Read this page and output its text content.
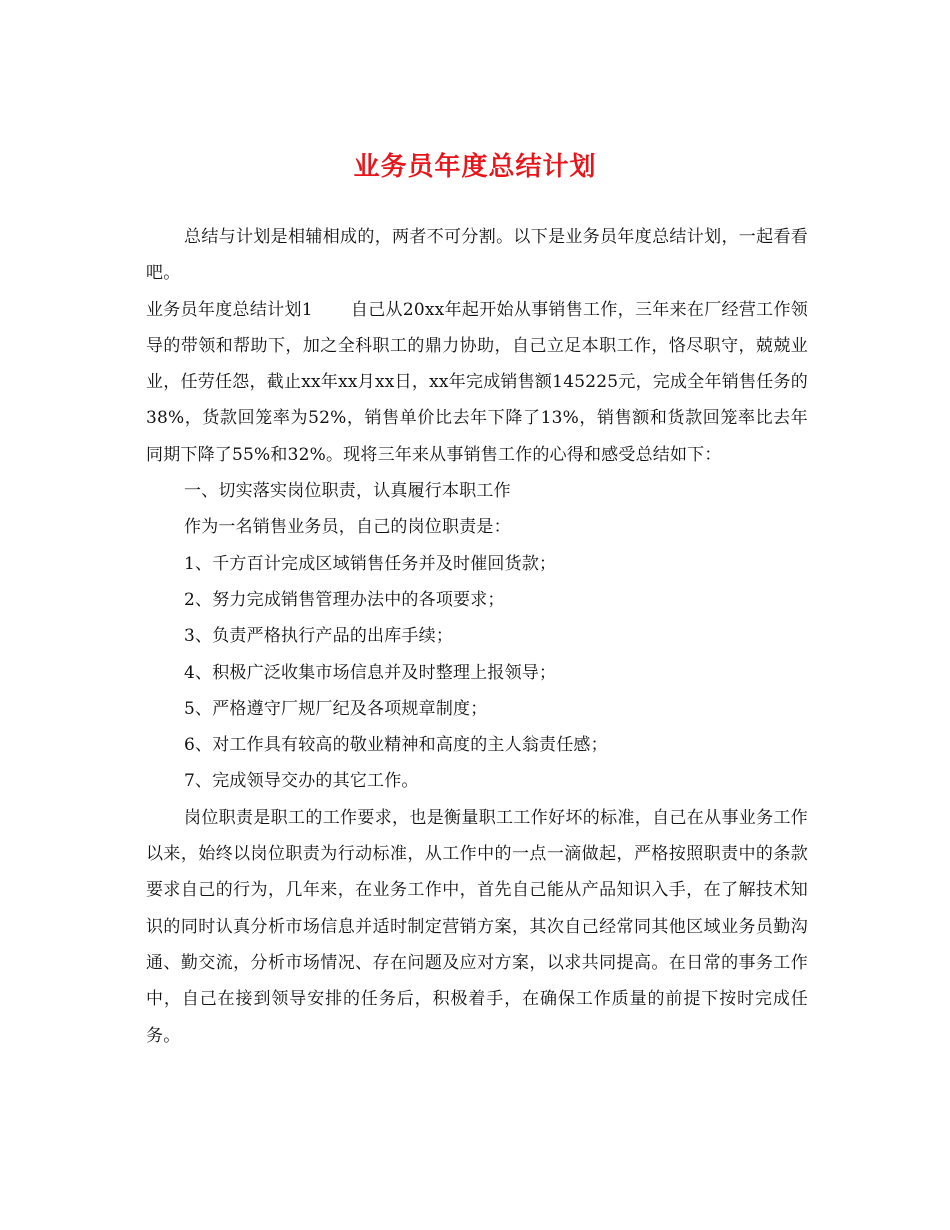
业务员年度总结计划

总结与计划是相辅相成的，两者不可分割。以下是业务员年度总结计划，一起看看吧。

业务员年度总结计划1 自己从20xx年起开始从事销售工作，三年来在厂经营工作领导的带领和帮助下，加之全科职工的鼎力协助，自己立足本职工作，恪尽职守，兢兢业业，任劳任怨，截止xx年xx月xx日，xx年完成销售额145225元，完成全年销售任务的38%，货款回笼率为52%，销售单价比去年下降了13%，销售额和货款回笼率比去年同期下降了55%和32%。现将三年来从事销售工作的心得和感受总结如下：

一、切实落实岗位职责，认真履行本职工作

作为一名销售业务员，自己的岗位职责是：

1、千方百计完成区域销售任务并及时催回货款；

2、努力完成销售管理办法中的各项要求；

3、负责严格执行产品的出库手续；

4、积极广泛收集市场信息并及时整理上报领导；

5、严格遵守厂规厂纪及各项规章制度；

6、对工作具有较高的敬业精神和高度的主人翁责任感；

7、完成领导交办的其它工作。

岗位职责是职工的工作要求，也是衡量职工工作好坏的标准，自己在从事业务工作以来，始终以岗位职责为行动标准，从工作中的一点一滴做起，严格按照职责中的条款要求自己的行为，几年来，在业务工作中，首先自己能从产品知识入手，在了解技术知识的同时认真分析市场信息并适时制定营销方案，其次自己经常同其他区域业务员勤沟通、勤交流，分析市场情况、存在问题及应对方案，以求共同提高。在日常的事务工作中，自己在接到领导安排的任务后，积极着手，在确保工作质量的前提下按时完成任务。
